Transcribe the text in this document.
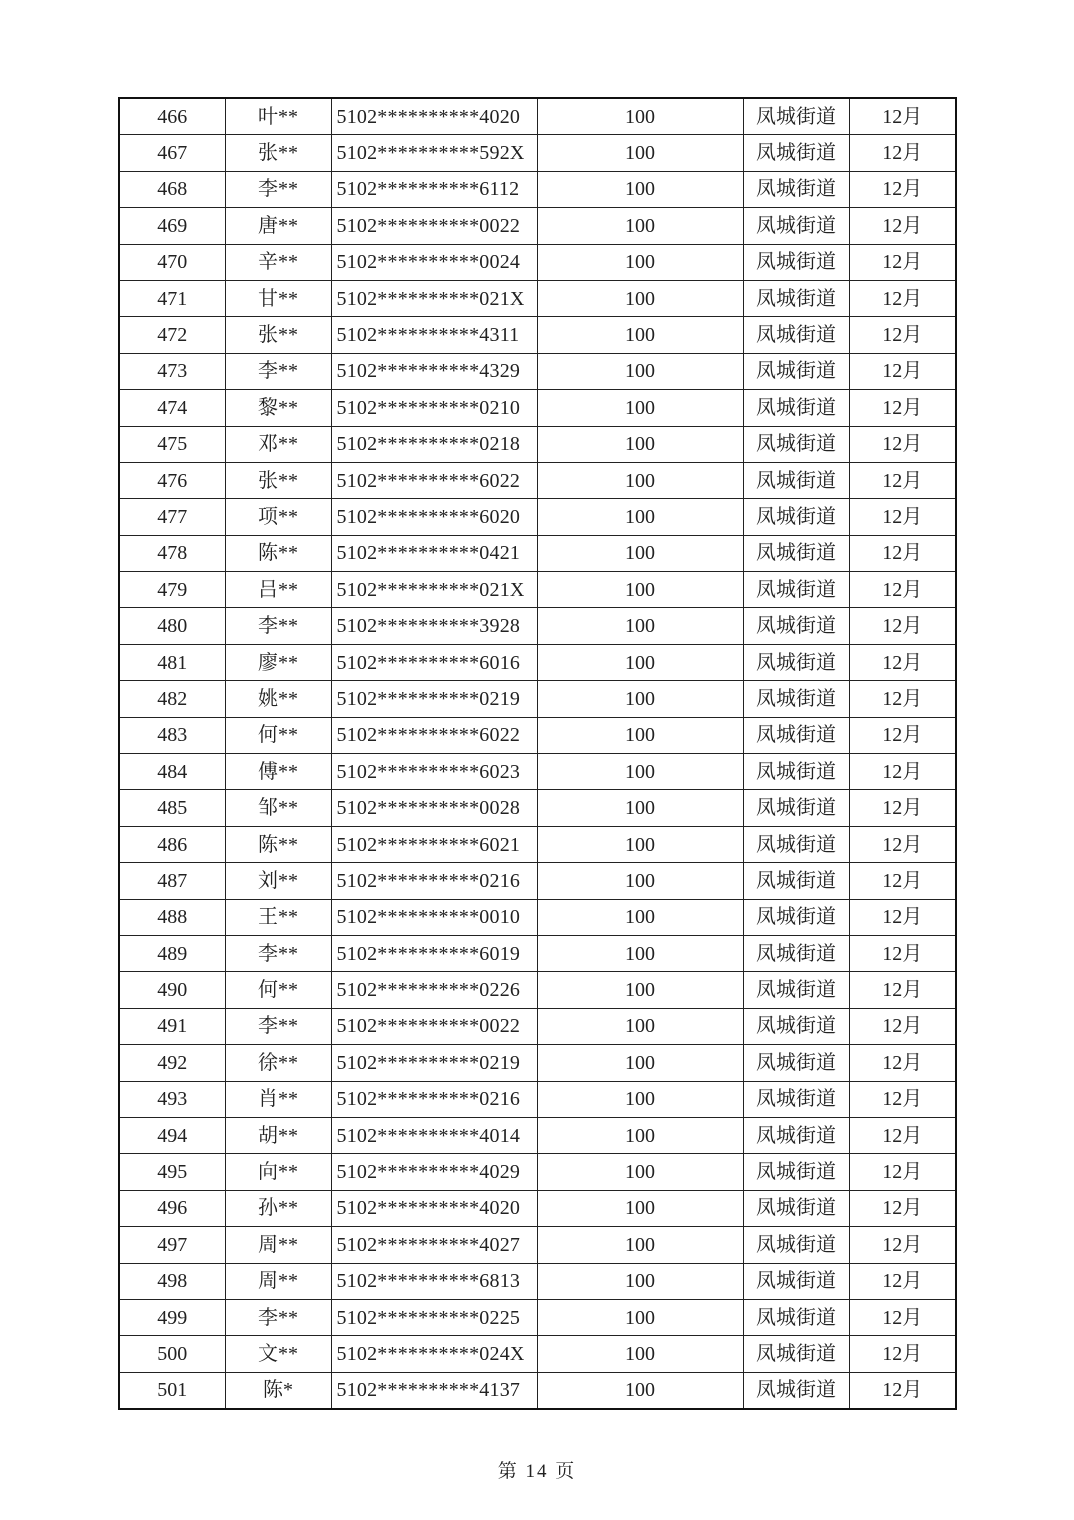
466	叶**	5102**********4020	100	凤城街道	12月
467	张**	5102**********592X	100	凤城街道	12月
468	李**	5102**********6112	100	凤城街道	12月
469	唐**	5102**********0022	100	凤城街道	12月
470	辛**	5102**********0024	100	凤城街道	12月
471	甘**	5102**********021X	100	凤城街道	12月
472	张**	5102**********4311	100	凤城街道	12月
473	李**	5102**********4329	100	凤城街道	12月
474	黎**	5102**********0210	100	凤城街道	12月
475	邓**	5102**********0218	100	凤城街道	12月
476	张**	5102**********6022	100	凤城街道	12月
477	项**	5102**********6020	100	凤城街道	12月
478	陈**	5102**********0421	100	凤城街道	12月
479	吕**	5102**********021X	100	凤城街道	12月
480	李**	5102**********3928	100	凤城街道	12月
481	廖**	5102**********6016	100	凤城街道	12月
482	姚**	5102**********0219	100	凤城街道	12月
483	何**	5102**********6022	100	凤城街道	12月
484	傅**	5102**********6023	100	凤城街道	12月
485	邹**	5102**********0028	100	凤城街道	12月
486	陈**	5102**********6021	100	凤城街道	12月
487	刘**	5102**********0216	100	凤城街道	12月
488	王**	5102**********0010	100	凤城街道	12月
489	李**	5102**********6019	100	凤城街道	12月
490	何**	5102**********0226	100	凤城街道	12月
491	李**	5102**********0022	100	凤城街道	12月
492	徐**	5102**********0219	100	凤城街道	12月
493	肖**	5102**********0216	100	凤城街道	12月
494	胡**	5102**********4014	100	凤城街道	12月
495	向**	5102**********4029	100	凤城街道	12月
496	孙**	5102**********4020	100	凤城街道	12月
497	周**	5102**********4027	100	凤城街道	12月
498	周**	5102**********6813	100	凤城街道	12月
499	李**	5102**********0225	100	凤城街道	12月
500	文**	5102**********024X	100	凤城街道	12月
501	陈*	5102**********4137	100	凤城街道	12月
第 14 页
